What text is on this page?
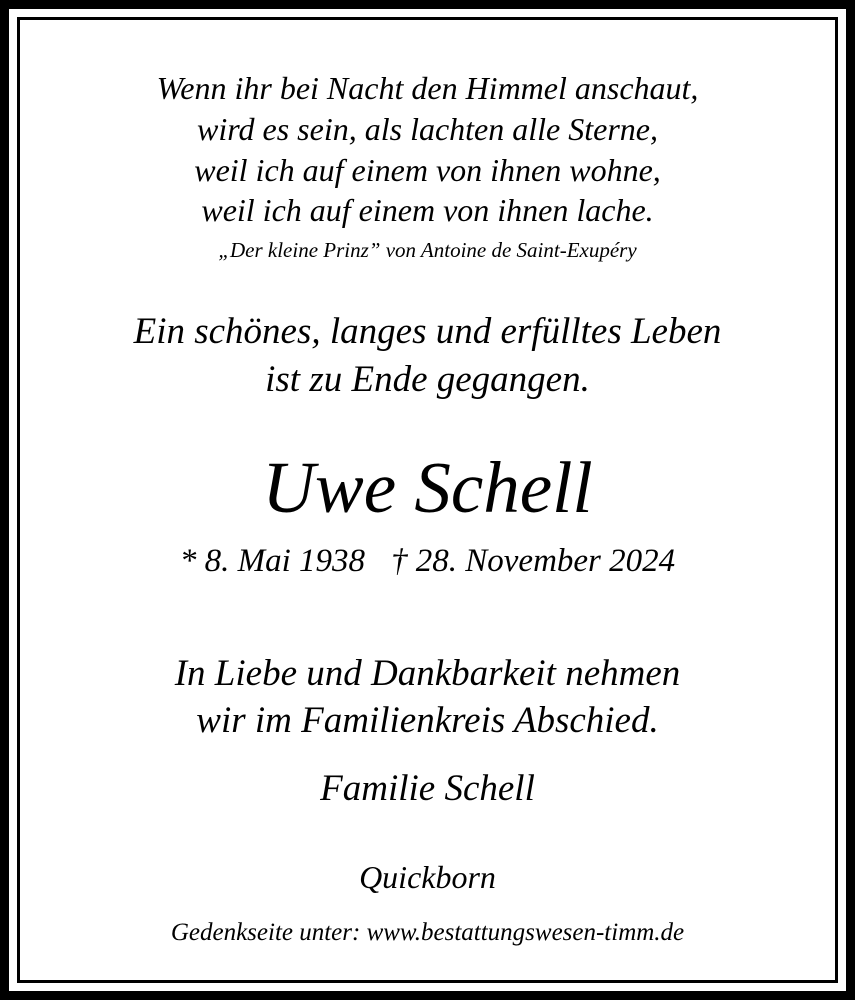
Wenn ihr bei Nacht den Himmel anschaut,
wird es sein, als lachten alle Sterne,
weil ich auf einem von ihnen wohne,
weil ich auf einem von ihnen lache.
„Der kleine Prinz” von Antoine de Saint-Exupéry
Ein schönes, langes und erfülltes Leben
ist zu Ende gegangen.
Uwe Schell
* 8. Mai 1938 † 28. November 2024
In Liebe und Dankbarkeit nehmen
wir im Familienkreis Abschied.
Familie Schell
Quickborn
Gedenkseite unter: www.bestattungswesen-timm.de
